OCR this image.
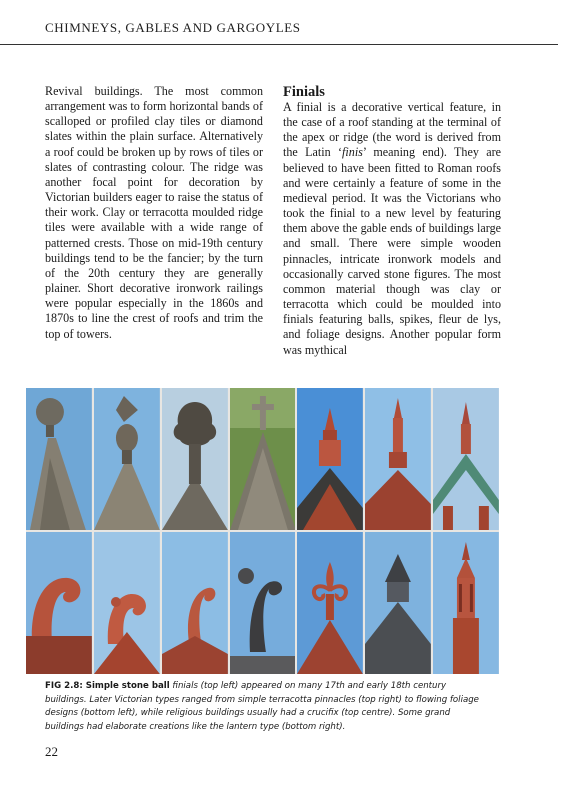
CHIMNEYS, GABLES AND GARGOYLES

Revival buildings. The most common arrangement was to form horizontal bands of scalloped or profiled clay tiles or diamond slates within the plain surface. Alternatively a roof could be broken up by rows of tiles or slates of contrasting colour. The ridge was another focal point for decoration by Victorian builders eager to raise the status of their work. Clay or terracotta moulded ridge tiles were available with a wide range of patterned crests. Those on mid-19th century buildings tend to be the fancier; by the turn of the 20th century they are generally plainer. Short decorative ironwork railings were popular especially in the 1860s and 1870s to line the crest of roofs and trim the top of towers.

Finials

A finial is a decorative vertical feature, in the case of a roof standing at the terminal of the apex or ridge (the word is derived from the Latin ‘finis’ meaning end). They are believed to have been fitted to Roman roofs and were certainly a feature of some in the medieval period. It was the Victorians who took the finial to a new level by featuring them above the gable ends of buildings large and small. There were simple wooden pinnacles, intricate ironwork models and occasionally carved stone figures. The most common material though was clay or terracotta which could be moulded into finials featuring balls, spikes, fleur de lys, and foliage designs. Another popular form was mythical

FIG 2.8: Simple stone ball finials (top left) appeared on many 17th and early 18th century buildings. Later Victorian types ranged from simple terracotta pinnacles (top right) to flowing foliage designs (bottom left), while religious buildings usually had a crucifix (top centre). Some grand buildings had elaborate creations like the lantern type (bottom right).
22
